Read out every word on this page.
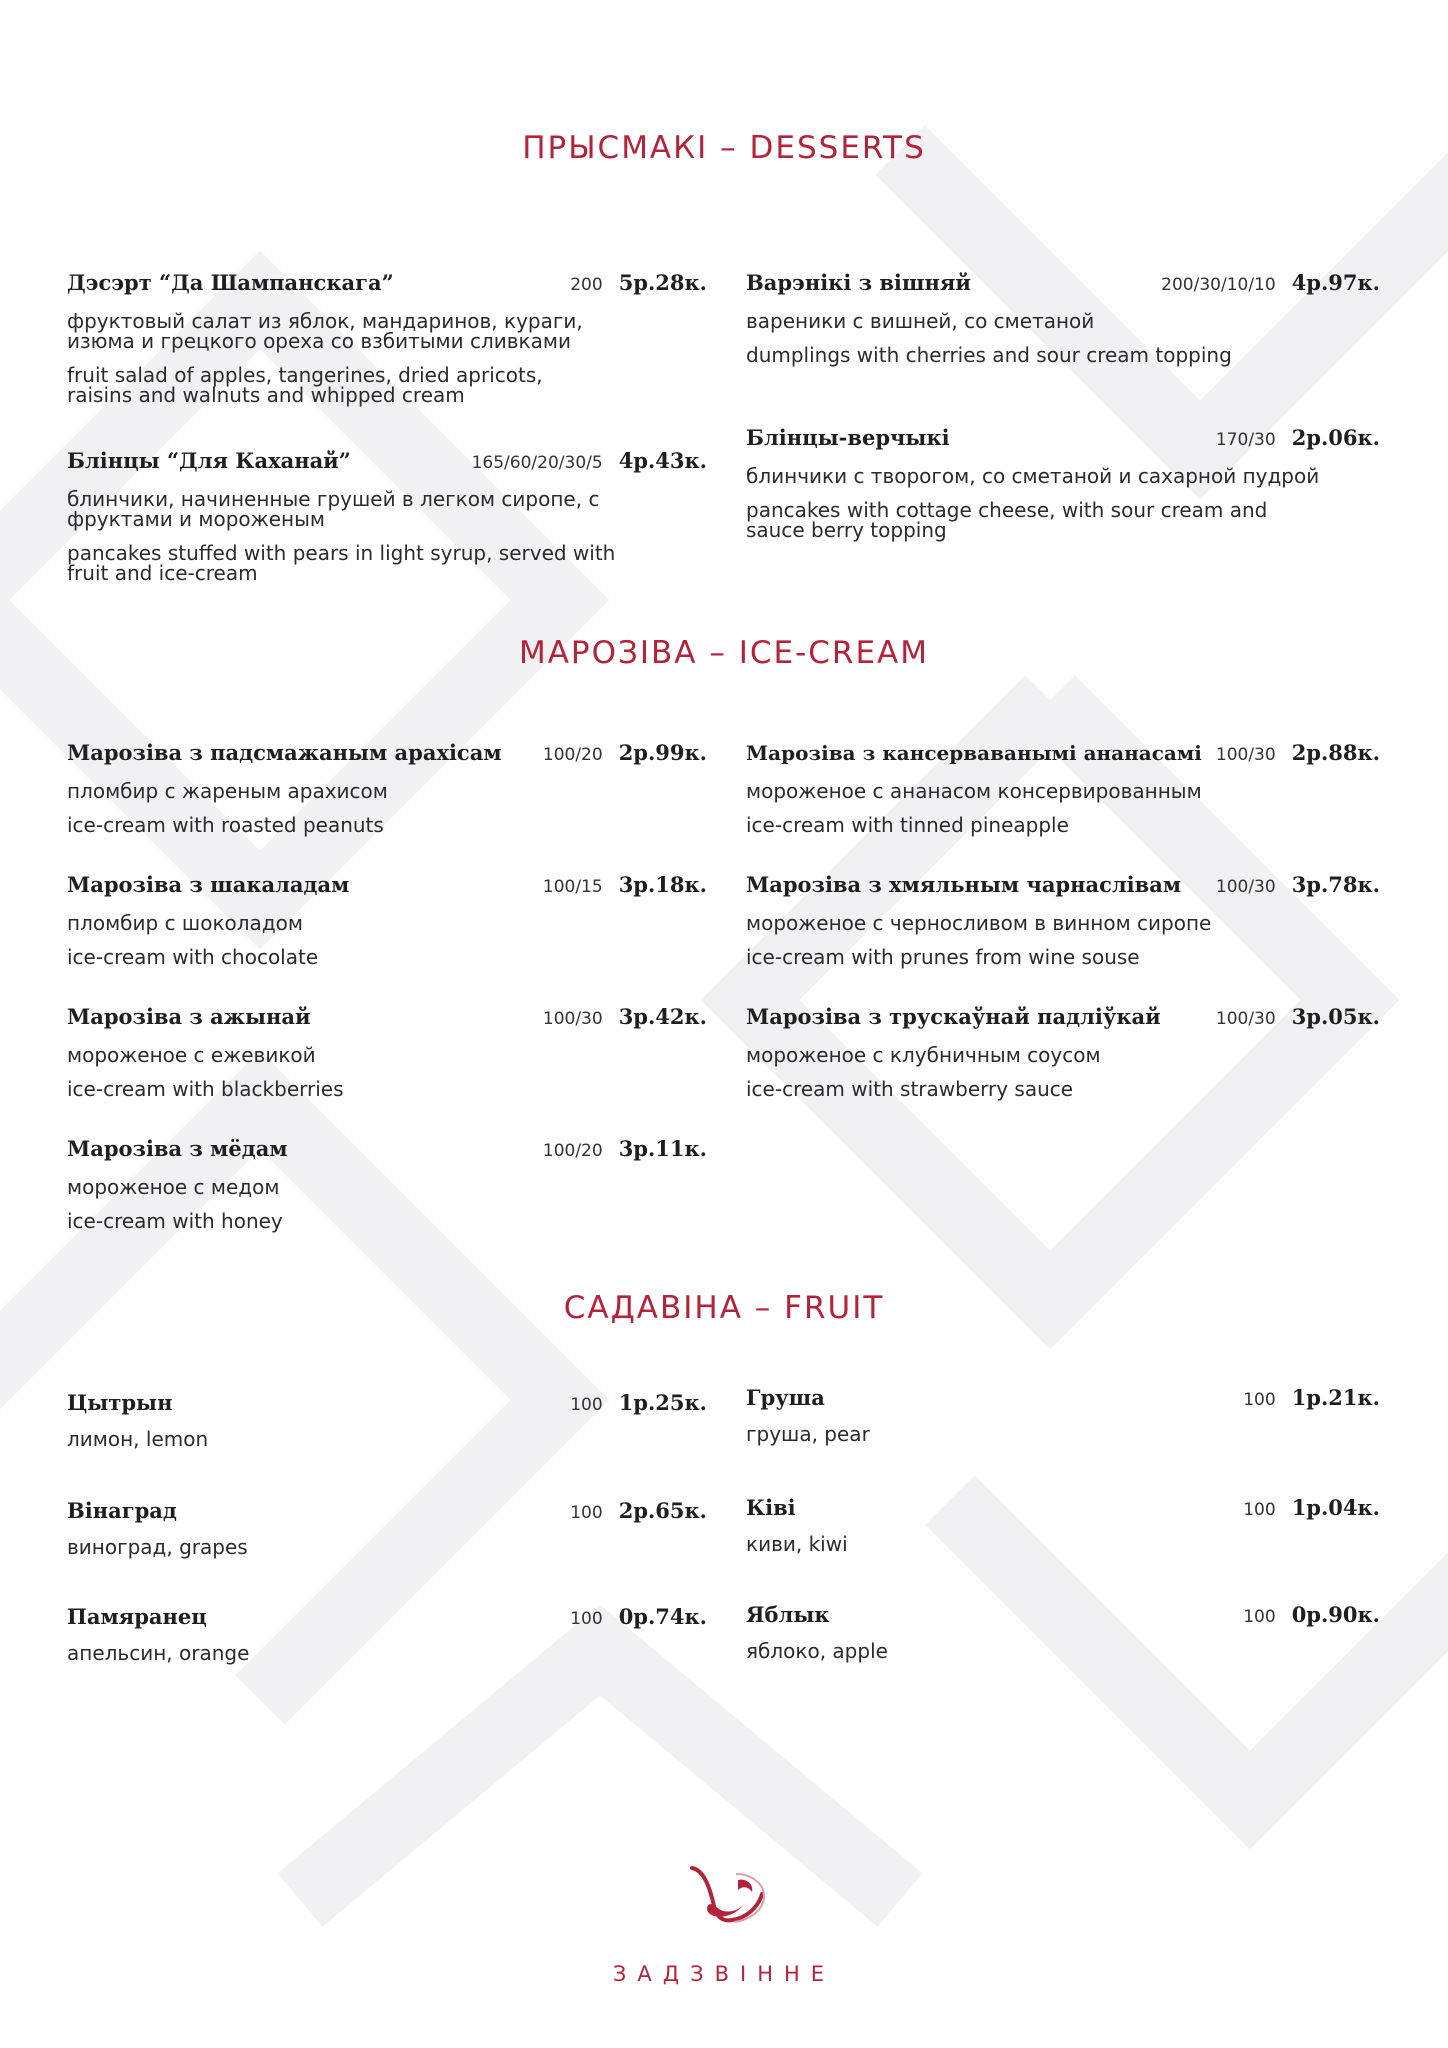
ПРЫСМАКІ – DESSERTS
Дэсэрт “Да Шампанскага”	200 5р.28к.
фруктовый салат из яблок, мандаринов, кураги, изюма и грецкого ореха со взбитыми сливками
fruit salad of apples, tangerines, dried apricots, raisins and walnuts and whipped cream
Блінцы “Для Каханай”	165/60/20/30/5 4р.43к.
блинчики, начиненные грушей в легком сиропе, с фруктами и мороженым
pancakes stuffed with pears in light syrup, served with fruit and ice-cream
Варэнікі з вішняй	200/30/10/10 4р.97к.
вареники с вишней, со сметаной
dumplings with cherries and sour cream topping
Блінцы-верчыкі	170/30 2р.06к.
блинчики с творогом, со сметаной и сахарной пудрой
pancakes with cottage cheese, with sour cream and sauce berry topping
МАРОЗІВА – ICE-CREAM
Марозіва з падсмажаным арахісам	100/20 2р.99к.
пломбир с жареным арахисом
ice-cream with roasted peanuts
Марозіва з шакаладам	100/15 3р.18к.
пломбир с шоколадом
ice-cream with chocolate
Марозіва з ажынай	100/30 3р.42к.
мороженое с ежевикой
ice-cream with blackberries
Марозіва з мёдам	100/20 3р.11к.
мороженое с медом
ice-cream with honey
Марозіва з кансерваванымі ананасамі 100/30 2р.88к.
мороженое с ананасом консервированным
ice-cream with tinned pineapple
Марозіва з хмяльным чарнаслівам	100/30 3р.78к.
мороженое с черносливом в винном сиропе
ice-cream with prunes from wine souse
Марозіва з трускаўнай падліўкай	100/30 3р.05к.
мороженое с клубничным соусом
ice-cream with strawberry sauce
САДАВІНА – FRUIT
Цытрын	100 1р.25к.
лимон, lemon
Вінаград	100 2р.65к.
виноград, grapes
Памяранец	100 0р.74к.
апельсин, orange
Груша	100 1р.21к.
груша, pear
Ківі	100 1р.04к.
киви, kiwi
Яблык	100 0р.90к.
яблоко, apple
ЗАДЗВІННЕ
